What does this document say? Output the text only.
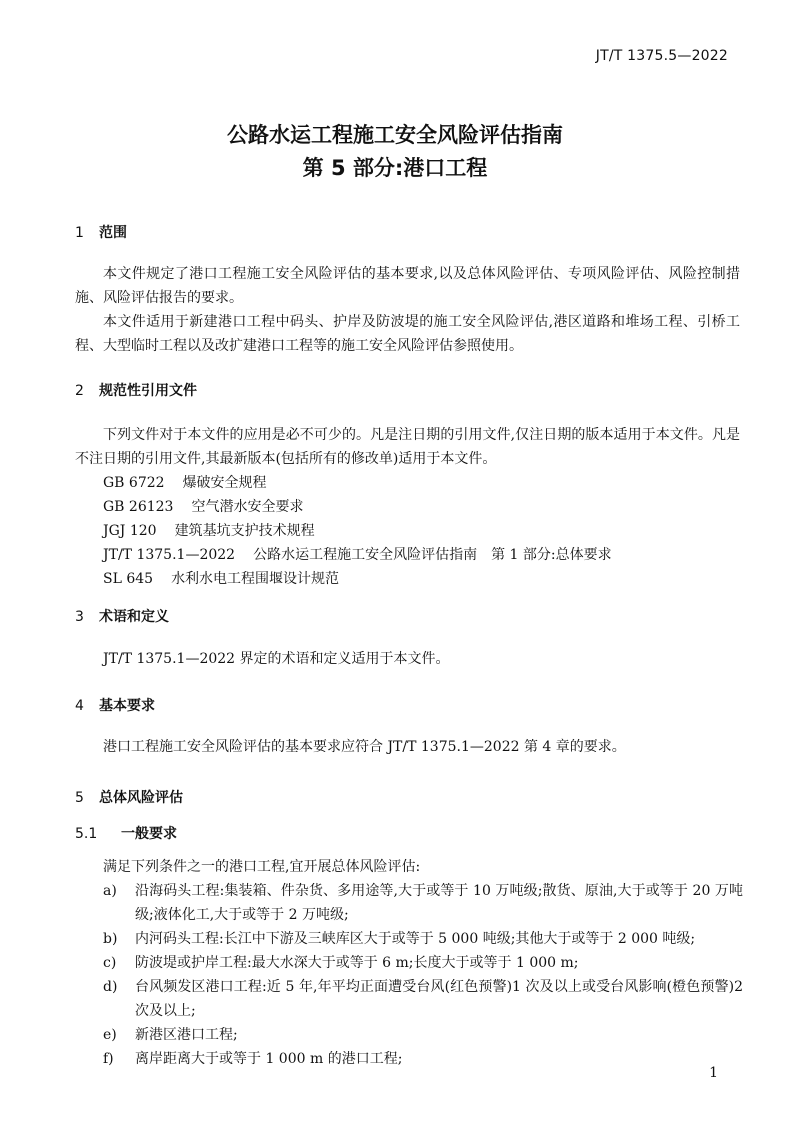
JT/T 1375.5—2022
公路水运工程施工安全风险评估指南
第 5 部分:港口工程
1 范围
本文件规定了港口工程施工安全风险评估的基本要求,以及总体风险评估、专项风险评估、风险控制措施、风险评估报告的要求。
本文件适用于新建港口工程中码头、护岸及防波堤的施工安全风险评估,港区道路和堆场工程、引桥工程、大型临时工程以及改扩建港口工程等的施工安全风险评估参照使用。
2 规范性引用文件
下列文件对于本文件的应用是必不可少的。凡是注日期的引用文件,仅注日期的版本适用于本文件。凡是不注日期的引用文件,其最新版本(包括所有的修改单)适用于本文件。
GB 6722 爆破安全规程
GB 26123 空气潜水安全要求
JGJ 120 建筑基坑支护技术规程
JT/T 1375.1—2022 公路水运工程施工安全风险评估指南　第 1 部分:总体要求
SL 645 水利水电工程围堰设计规范
3 术语和定义
JT/T 1375.1—2022 界定的术语和定义适用于本文件。
4 基本要求
港口工程施工安全风险评估的基本要求应符合 JT/T 1375.1—2022 第 4 章的要求。
5 总体风险评估
5.1 一般要求
满足下列条件之一的港口工程,宜开展总体风险评估:
a)	沿海码头工程:集装箱、件杂货、多用途等,大于或等于 10 万吨级;散货、原油,大于或等于 20 万吨级;液体化工,大于或等于 2 万吨级;
b)	内河码头工程:长江中下游及三峡库区大于或等于 5 000 吨级;其他大于或等于 2 000 吨级;
c)	防波堤或护岸工程:最大水深大于或等于 6 m;长度大于或等于 1 000 m;
d)	台风频发区港口工程:近 5 年,年平均正面遭受台风(红色预警)1 次及以上或受台风影响(橙色预警)2 次及以上;
e)	新港区港口工程;
f)	离岸距离大于或等于 1 000 m 的港口工程;
1
